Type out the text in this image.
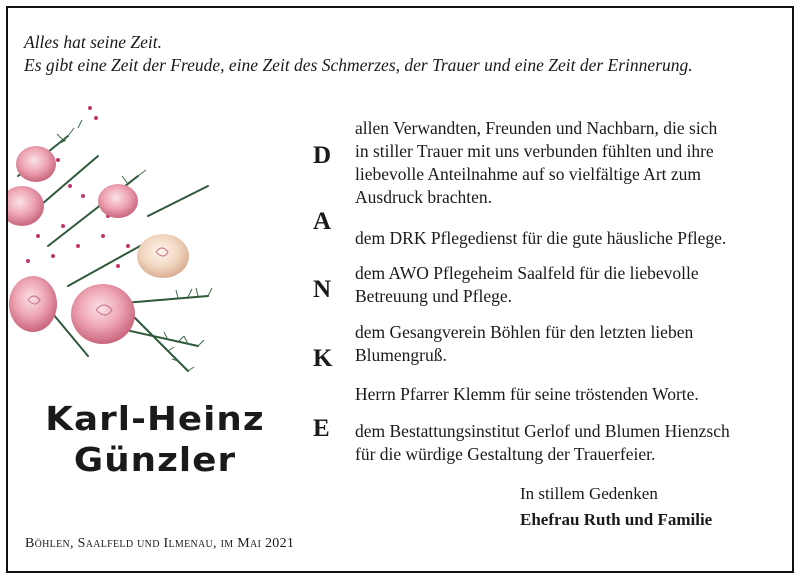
Alles hat seine Zeit.
Es gibt eine Zeit der Freude, eine Zeit des Schmerzes, der Trauer und eine Zeit der Erinnerung.
Karl-Heinz
Günzler
Böhlen, Saalfeld und Ilmenau, im Mai 2021
D
A
N
K
E
allen Verwandten, Freunden und Nachbarn, die sich
in stiller Trauer mit uns verbunden fühlten und ihre
liebevolle Anteilnahme auf so vielfältige Art zum
Ausdruck brachten.
dem DRK Pflegedienst für die gute häusliche Pflege.
dem AWO Pflegeheim Saalfeld für die liebevolle
Betreuung und Pflege.
dem Gesangverein Böhlen für den letzten lieben
Blumengruß.
Herrn Pfarrer Klemm für seine tröstenden Worte.
dem Bestattungsinstitut Gerlof und Blumen Hienzsch
für die würdige Gestaltung der Trauerfeier.
In stillem Gedenken
Ehefrau Ruth und Familie
